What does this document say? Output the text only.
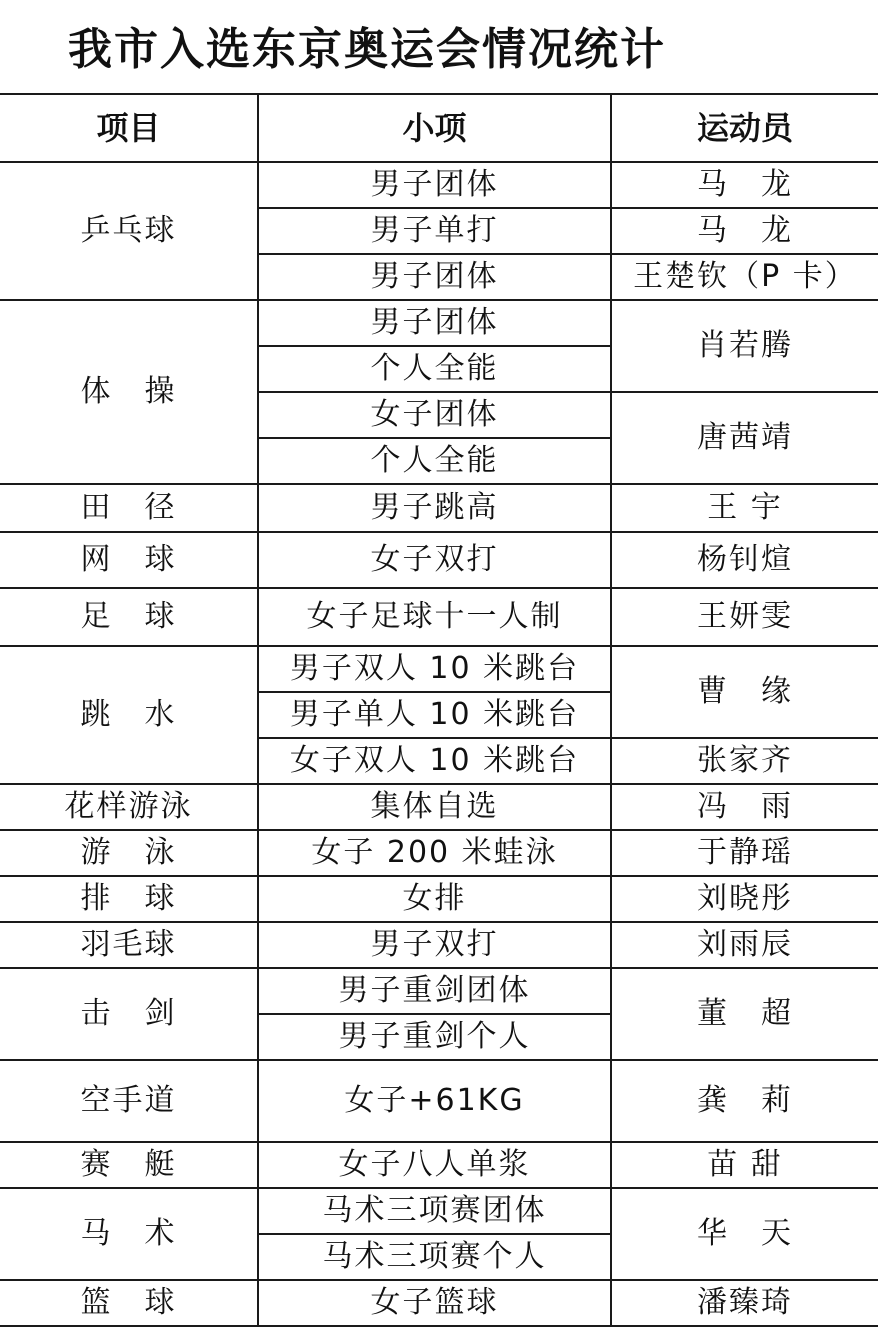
我市入选东京奥运会情况统计
项目	小项	运动员
乒乓球	男子团体	马　龙
	男子单打	马　龙
	男子团体	王楚钦（P 卡）
体　操	男子团体	肖若腾
	个人全能	
	女子团体	唐茜靖
	个人全能	
田　径	男子跳高	王 宇
网　球	女子双打	杨钊煊
足　球	女子足球十一人制	王妍雯
跳　水	男子双人 10 米跳台	曹　缘
	男子单人 10 米跳台	
	女子双人 10 米跳台	张家齐
花样游泳	集体自选	冯　雨
游　泳	女子 200 米蛙泳	于静瑶
排　球	女排	刘晓彤
羽毛球	男子双打	刘雨辰
击　剑	男子重剑团体	董　超
	男子重剑个人	
空手道	女子+61KG	龚　莉
赛　艇	女子八人单浆	苗 甜
马　术	马术三项赛团体	华　天
	马术三项赛个人	
篮　球	女子篮球	潘臻琦
